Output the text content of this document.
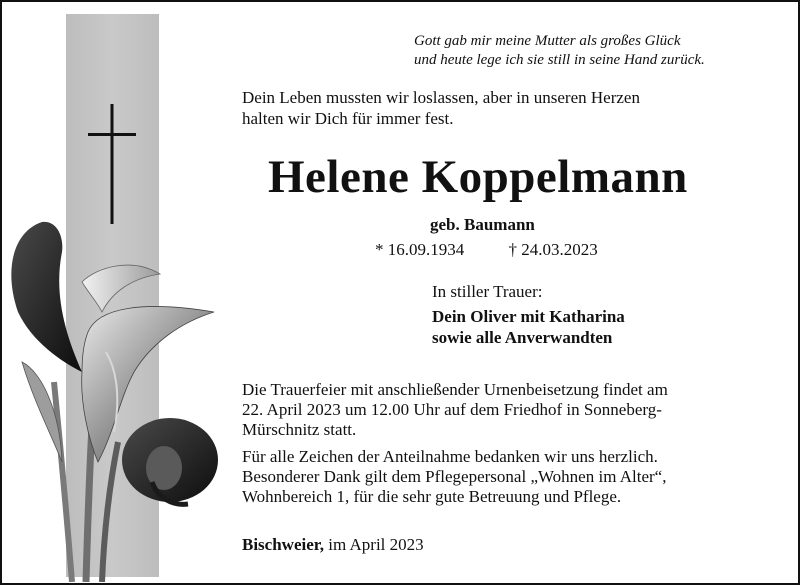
Gott gab mir meine Mutter als großes Glück
und heute lege ich sie still in seine Hand zurück.
Dein Leben mussten wir loslassen, aber in unseren Herzen
halten wir Dich für immer fest.
Helene Koppelmann
geb. Baumann
* 16.09.1934	† 24.03.2023
In stiller Trauer:
Dein Oliver mit Katharina
sowie alle Anverwandten
Die Trauerfeier mit anschließender Urnenbeisetzung findet am
22. April 2023 um 12.00 Uhr auf dem Friedhof in Sonneberg-
Mürschnitz statt.
Für alle Zeichen der Anteilnahme bedanken wir uns herzlich.
Besonderer Dank gilt dem Pflegepersonal „Wohnen im Alter“,
Wohnbereich 1, für die sehr gute Betreuung und Pflege.
Bischweier, im April 2023
